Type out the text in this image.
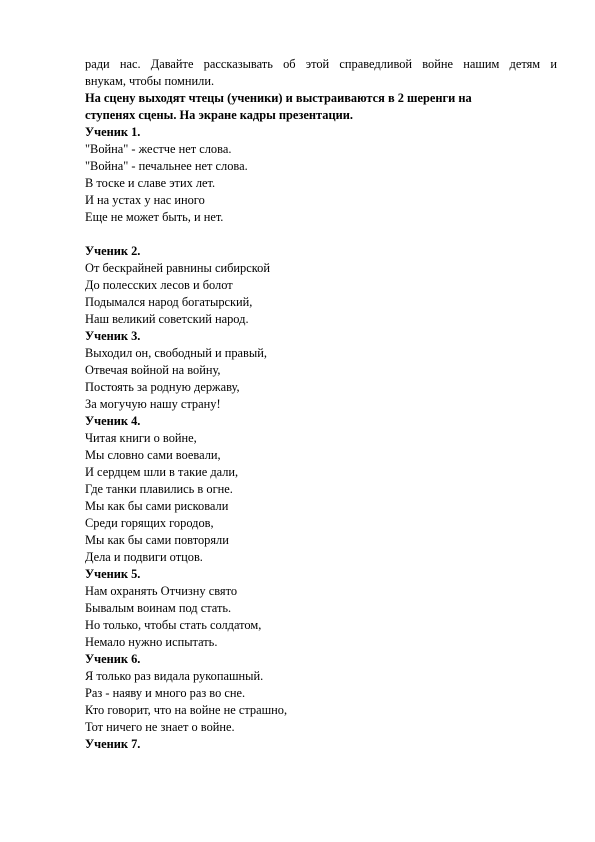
ради нас. Давайте рассказывать об этой справедливой войне нашим детям и
внукам, чтобы помнили.
На сцену выходят чтецы (ученики) и выстраиваются в 2 шеренги на
ступенях сцены. На экране кадры презентации.
Ученик 1.
"Война" - жестче нет слова.
"Война" - печальнее нет слова.
В тоске и славе этих лет.
И на устах у нас иного
Еще не может быть, и нет.
Ученик 2.
От бескрайней равнины сибирской
До полесских лесов и болот
Подымался народ богатырский,
Наш великий советский народ.
Ученик 3.
Выходил он, свободный и правый,
Отвечая войной на войну,
Постоять за родную державу,
За могучую нашу страну!
Ученик 4.
Читая книги о войне,
Мы словно сами воевали,
И сердцем шли в такие дали,
Где танки плавились в огне.
Мы как бы сами рисковали
Среди горящих городов,
Мы как бы сами повторяли
Дела и подвиги отцов.
Ученик 5.
Нам охранять Отчизну свято
Бывалым воинам под стать.
Но только, чтобы стать солдатом,
Немало нужно испытать.
Ученик 6.
Я только раз видала рукопашный.
Раз - наяву и много раз во сне.
Кто говорит, что на войне не страшно,
Тот ничего не знает о войне.
Ученик 7.
